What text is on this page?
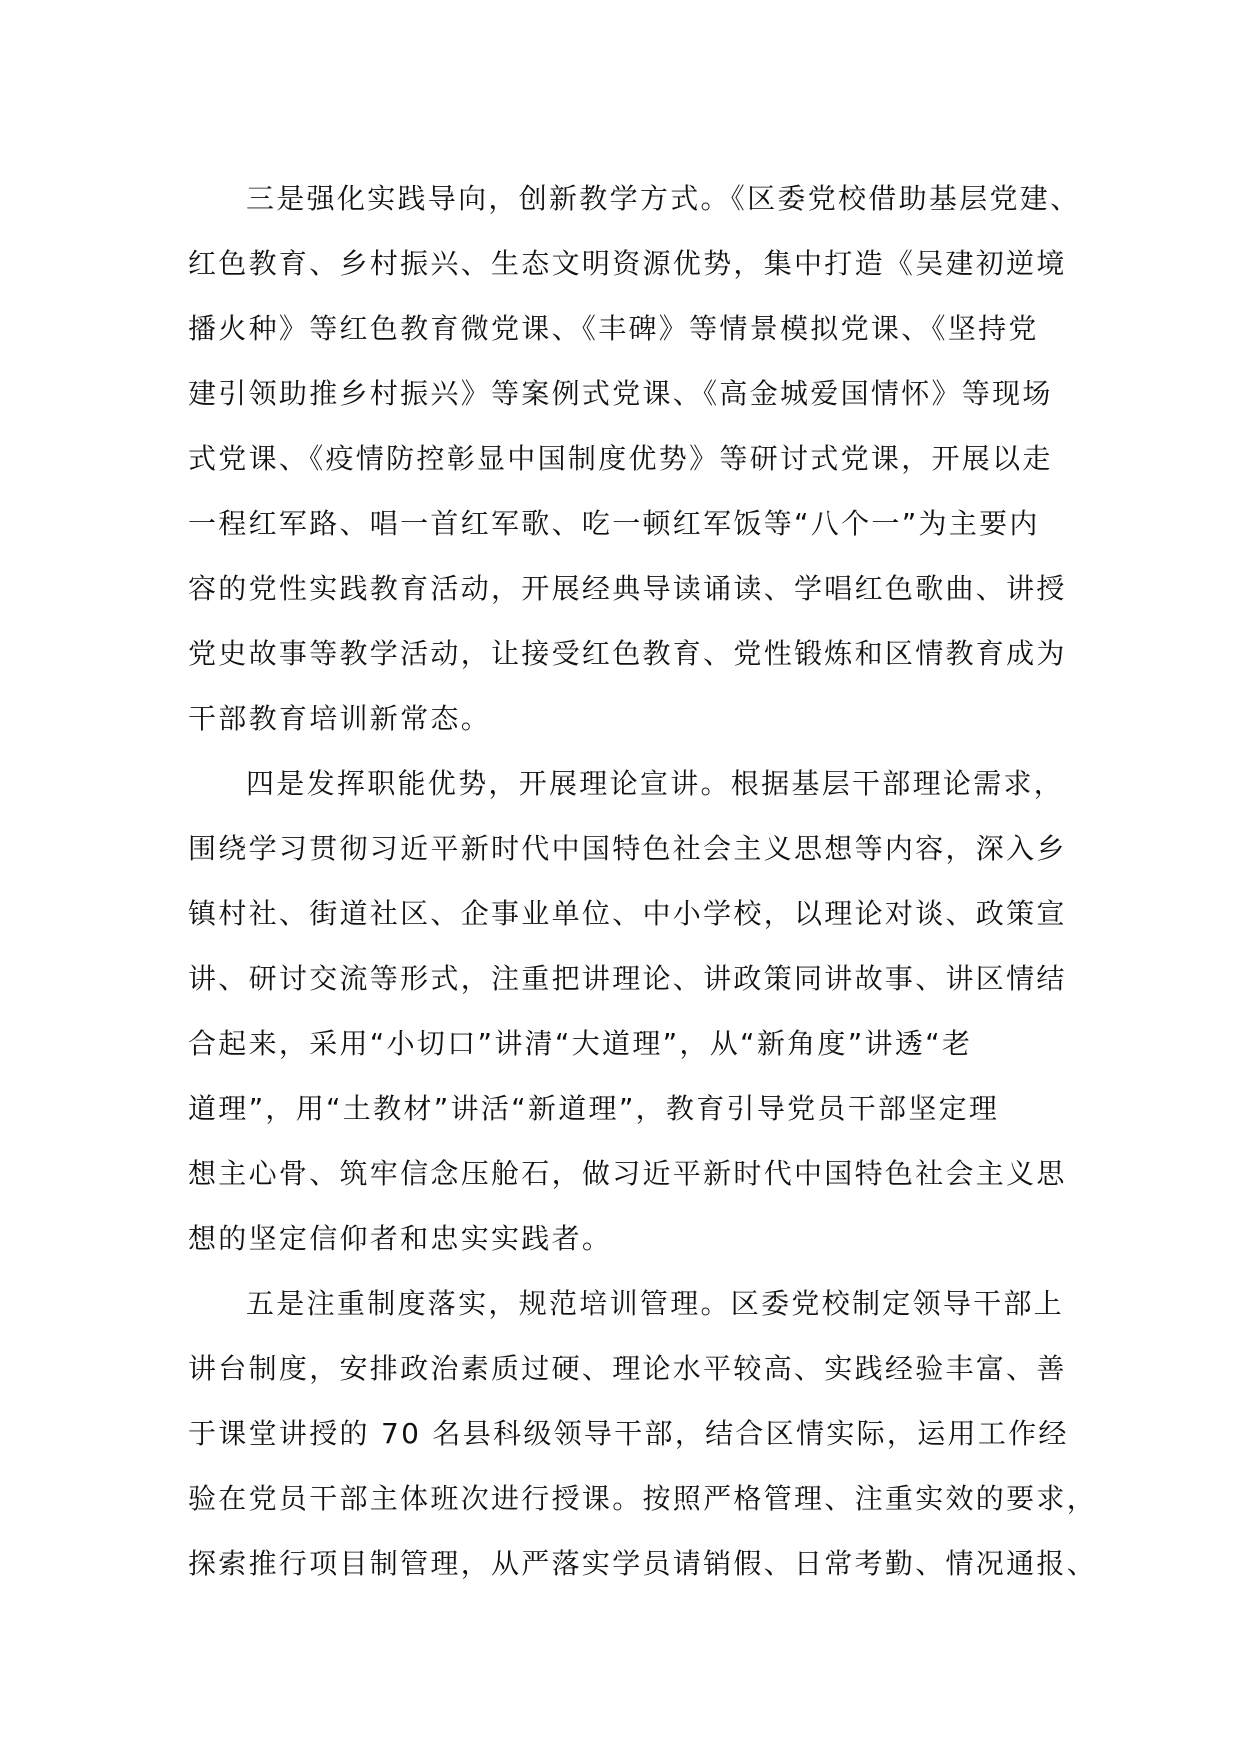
三是强化实践导向，创新教学方式。《区委党校借助基层党建、
红色教育、乡村振兴、生态文明资源优势，集中打造《吴建初逆境
播火种》等红色教育微党课、《丰碑》等情景模拟党课、《坚持党
建引领助推乡村振兴》等案例式党课、《高金城爱国情怀》等现场
式党课、《疫情防控彰显中国制度优势》等研讨式党课，开展以走
一程红军路、唱一首红军歌、吃一顿红军饭等“八个一”为主要内
容的党性实践教育活动，开展经典导读诵读、学唱红色歌曲、讲授
党史故事等教学活动，让接受红色教育、党性锻炼和区情教育成为
干部教育培训新常态。
四是发挥职能优势，开展理论宣讲。根据基层干部理论需求，
围绕学习贯彻习近平新时代中国特色社会主义思想等内容，深入乡
镇村社、街道社区、企事业单位、中小学校，以理论对谈、政策宣
讲、研讨交流等形式，注重把讲理论、讲政策同讲故事、讲区情结
合起来，采用“小切口”讲清“大道理”，从“新角度”讲透“老
道理”，用“土教材”讲活“新道理”，教育引导党员干部坚定理
想主心骨、筑牢信念压舱石，做习近平新时代中国特色社会主义思
想的坚定信仰者和忠实实践者。
五是注重制度落实，规范培训管理。区委党校制定领导干部上
讲台制度，安排政治素质过硬、理论水平较高、实践经验丰富、善
于课堂讲授的 70 名县科级领导干部，结合区情实际，运用工作经
验在党员干部主体班次进行授课。按照严格管理、注重实效的要求，
探索推行项目制管理，从严落实学员请销假、日常考勤、情况通报、
